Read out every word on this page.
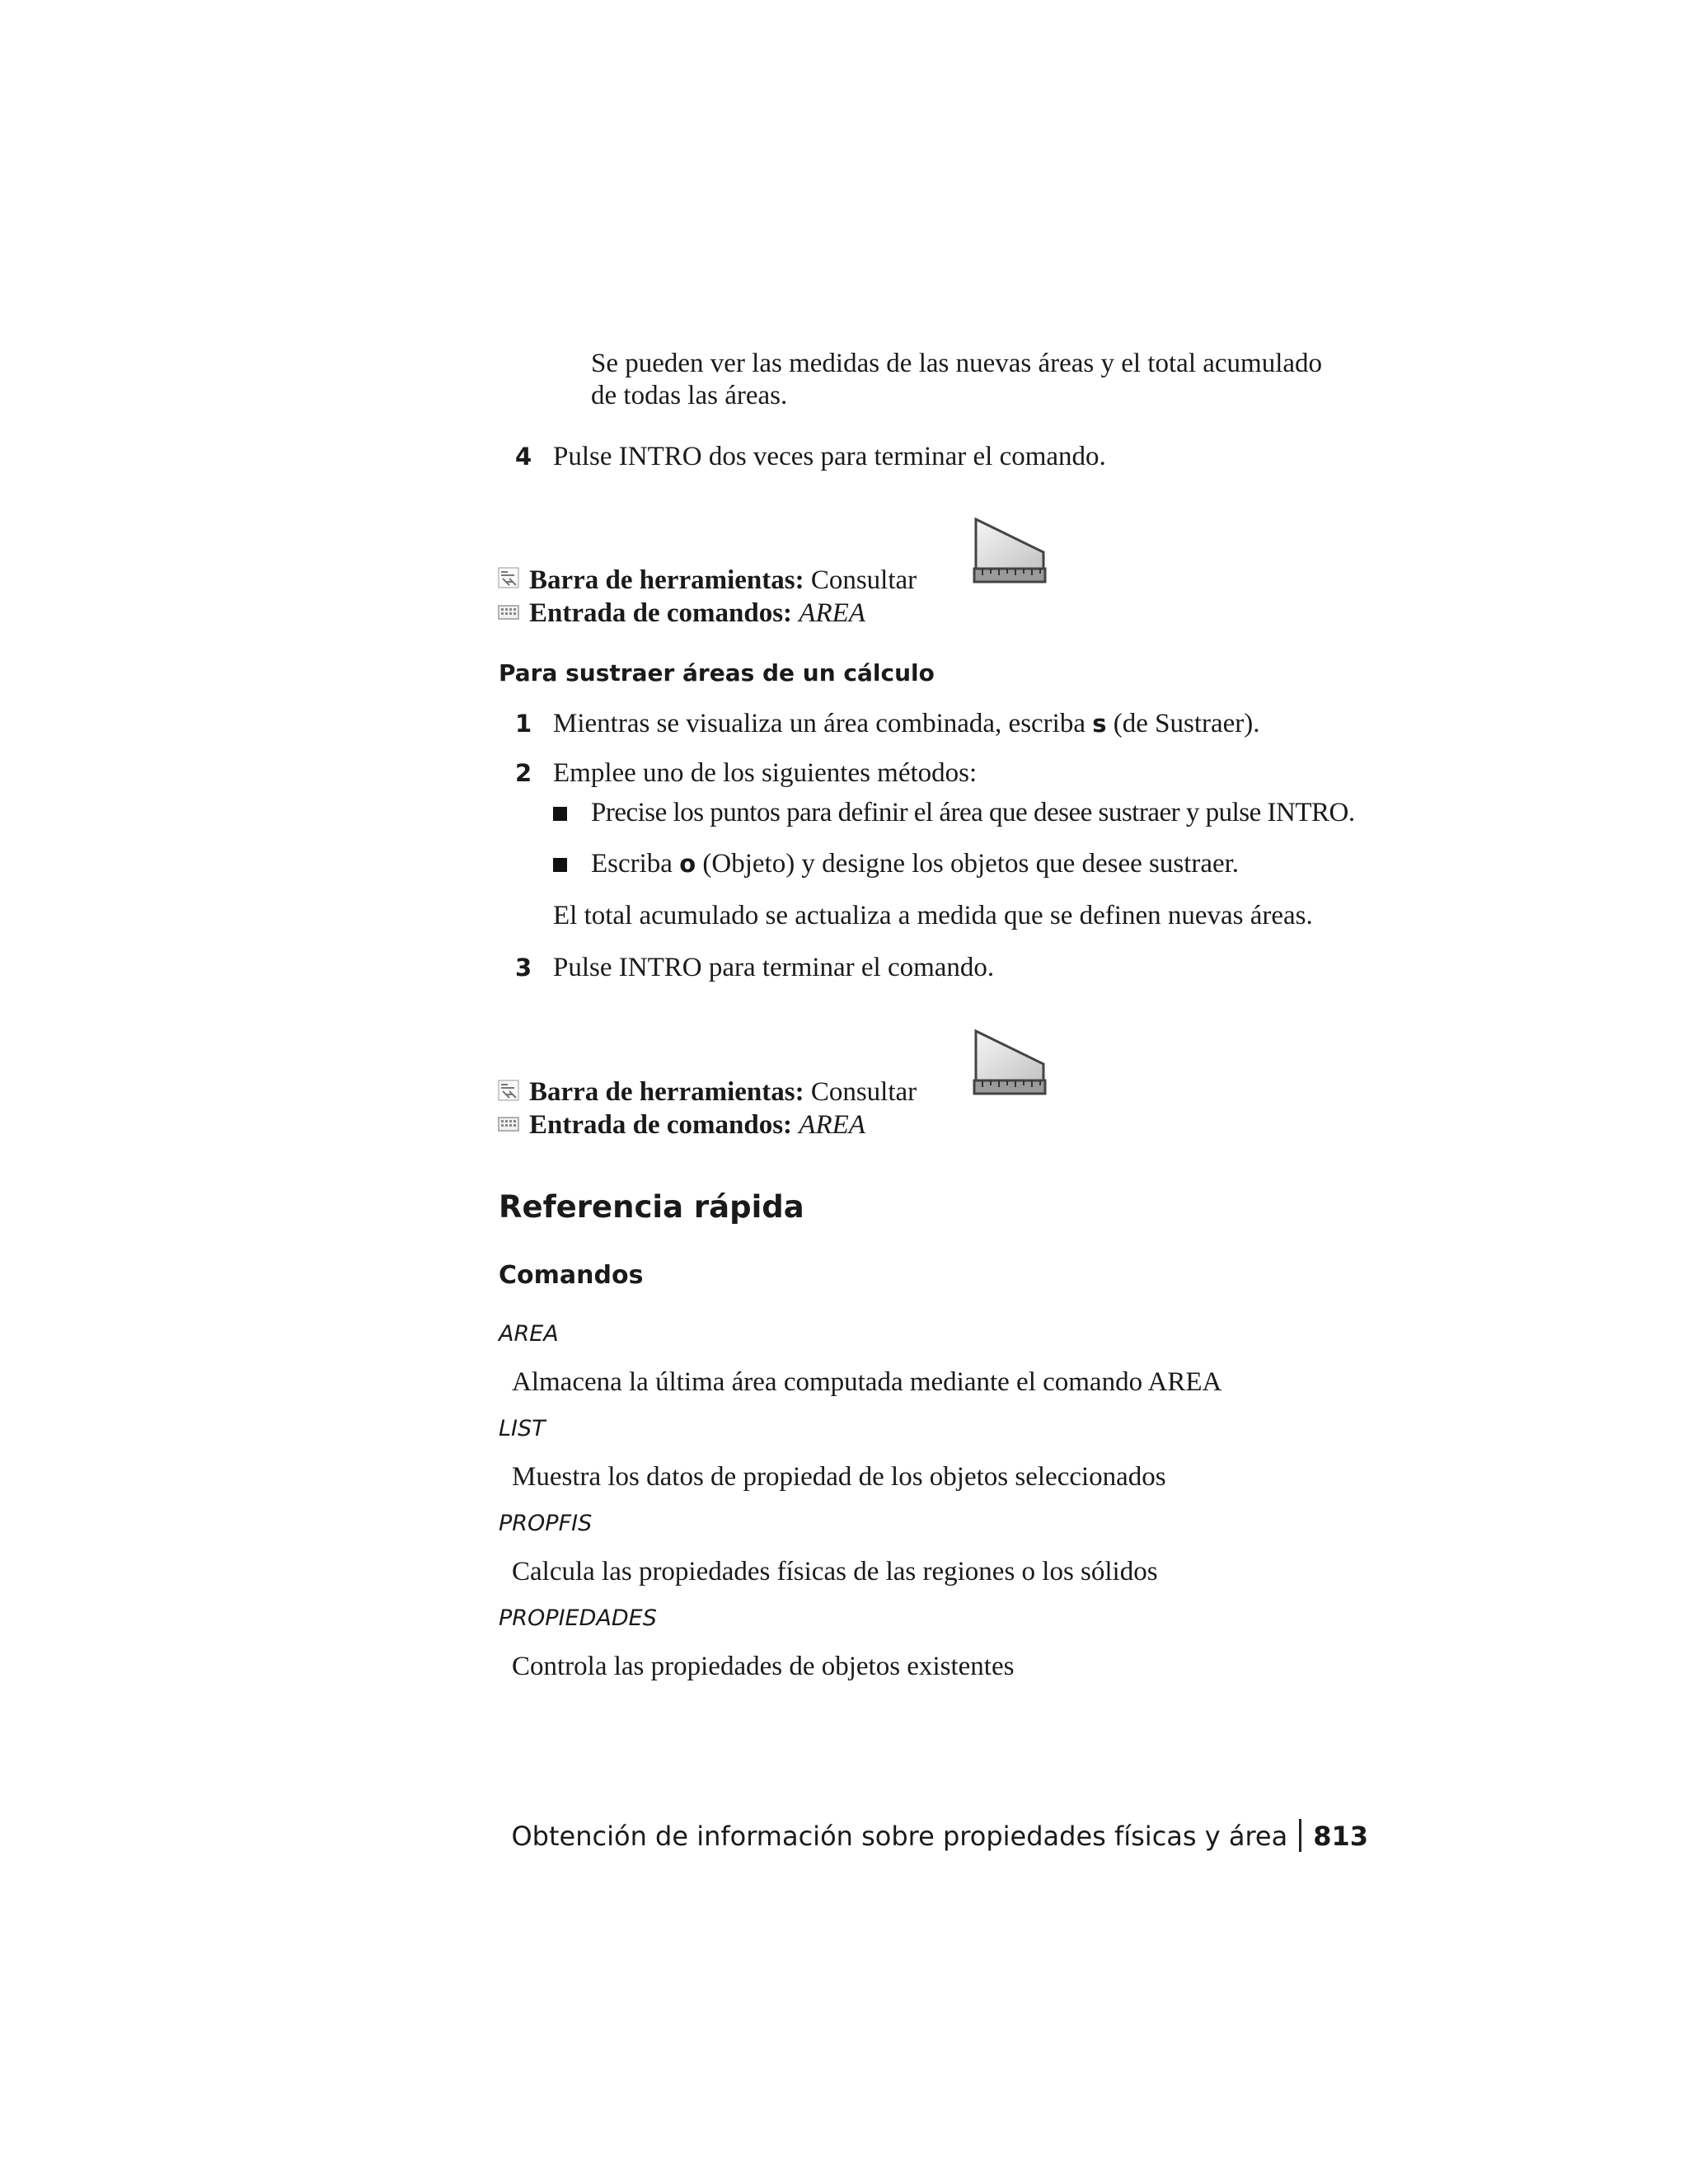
Se pueden ver las medidas de las nuevas áreas y el total acumulado
de todas las áreas.
4 Pulse INTRO dos veces para terminar el comando.
Barra de herramientas: Consultar
Entrada de comandos: AREA
Para sustraer áreas de un cálculo
1 Mientras se visualiza un área combinada, escriba s (de Sustraer).
2 Emplee uno de los siguientes métodos:
Precise los puntos para definir el área que desee sustraer y pulse INTRO.
Escriba o (Objeto) y designe los objetos que desee sustraer.
El total acumulado se actualiza a medida que se definen nuevas áreas.
3 Pulse INTRO para terminar el comando.
Barra de herramientas: Consultar
Entrada de comandos: AREA
Referencia rápida
Comandos
AREA
Almacena la última área computada mediante el comando AREA
LIST
Muestra los datos de propiedad de los objetos seleccionados
PROPFIS
Calcula las propiedades físicas de las regiones o los sólidos
PROPIEDADES
Controla las propiedades de objetos existentes
Obtención de información sobre propiedades físicas y área 813
